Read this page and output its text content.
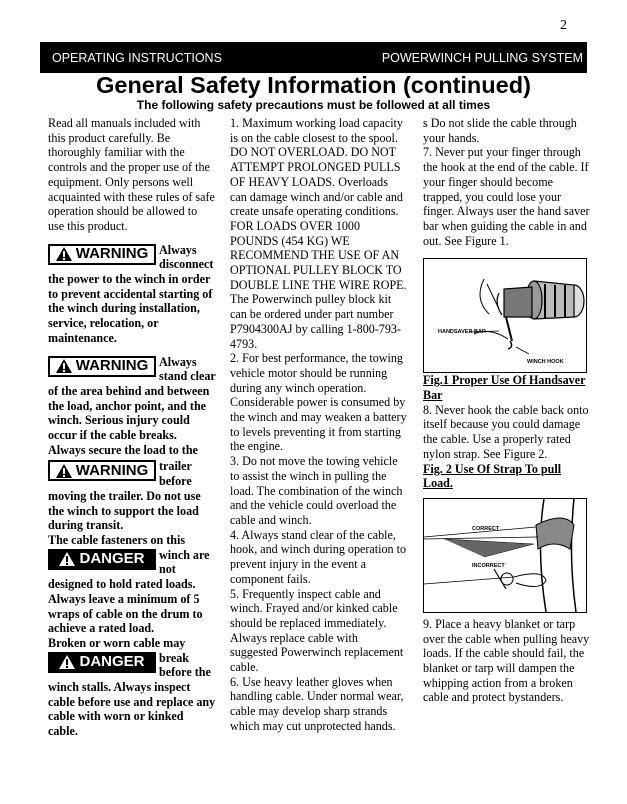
2
OPERATING INSTRUCTIONS	POWERWINCH PULLING SYSTEM
General Safety Information (continued)
The following safety precautions must be followed at all times

Read all manuals included with this product carefully. Be thoroughly familiar with the controls and the proper use of the equipment. Only persons well acquainted with these rules of safe operation should be allowed to use this product.

WARNING Always disconnect the power to the winch in order to prevent accidental starting of the winch during installation, service, relocation, or maintenance.

WARNING Always stand clear of the area behind and between the load, anchor point, and the winch. Serious injury could occur if the cable breaks. Always secure the load to the

WARNING trailer before moving the trailer. Do not use the winch to support the load during transit.

The cable fasteners on this

DANGER	winch are not designed to hold rated loads. Always leave a minimum of 5 wraps of cable on the drum to achieve a rated load.

Broken or worn cable may

DANGER	break before the winch stalls. Always inspect cable before use and replace any cable with worn or kinked cable.

1. Maximum working load capacity is on the cable closest to the spool. DO NOT OVERLOAD. DO NOT ATTEMPT PROLONGED PULLS OF HEAVY LOADS. Overloads can damage winch and/or cable and create unsafe operating conditions. FOR LOADS OVER 1000 POUNDS (454 KG) WE RECOMMEND THE USE OF AN OPTIONAL PULLEY BLOCK TO DOUBLE LINE THE WIRE ROPE. The Powerwinch pulley block kit can be ordered under part number P7904300AJ by calling 1-800-793-4793.

2. For best performance, the towing vehicle motor should be running during any winch operation. Considerable power is consumed by the winch and may weaken a battery to levels preventing it from starting the engine.

3. Do not move the towing vehicle to assist the winch in pulling the load. The combination of the winch and the vehicle could overload the cable and winch.

4. Always stand clear of the cable, hook, and winch during operation to prevent injury in the event a component fails.

5. Frequently inspect cable and winch. Frayed and/or kinked cable should be replaced immediately. Always replace cable with suggested Powerwinch replacement cable.

6. Use heavy leather gloves when handling cable. Under normal wear, cable may develop sharp strands which may cut unprotected hands.

s Do not slide the cable through your hands.

7. Never put your finger through the hook at the end of the cable. If your finger should become trapped, you could lose your finger. Always user the hand saver bar when guiding the cable in and out. See Figure 1.

HANDSAVER BAR
WINCH HOOK

Fig.1 Proper Use Of Handsaver Bar

8. Never hook the cable back onto itself because you could damage the cable. Use a properly rated nylon strap. See Figure 2.

Fig. 2 Use Of Strap To pull Load.

CORRECT
INCORRECT

9. Place a heavy blanket or tarp over the cable when pulling heavy loads. If the cable should fail, the blanket or tarp will dampen the whipping action from a broken cable and protect bystanders.
